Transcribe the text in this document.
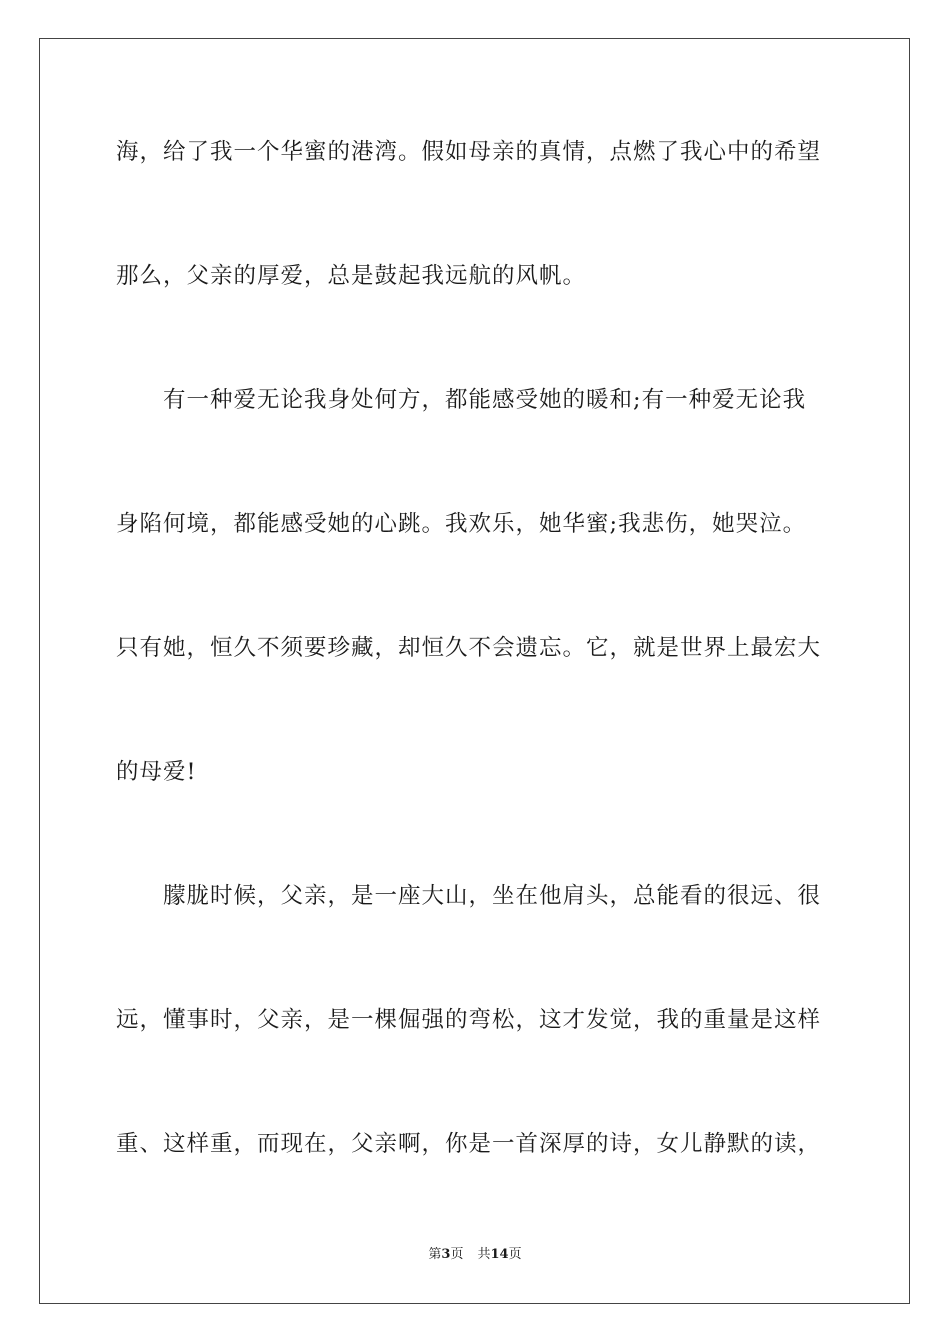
海，给了我一个华蜜的港湾。假如母亲的真情，点燃了我心中的希望
那么，父亲的厚爱，总是鼓起我远航的风帆。
有一种爱无论我身处何方，都能感受她的暖和;有一种爱无论我
身陷何境，都能感受她的心跳。我欢乐，她华蜜;我悲伤，她哭泣。
只有她，恒久不须要珍藏，却恒久不会遗忘。它，就是世界上最宏大
的母爱!
朦胧时候，父亲，是一座大山，坐在他肩头，总能看的很远、很
远，懂事时，父亲，是一棵倔强的弯松，这才发觉，我的重量是这样
重、这样重，而现在，父亲啊，你是一首深厚的诗，女儿静默的读，
第3页 共14页
